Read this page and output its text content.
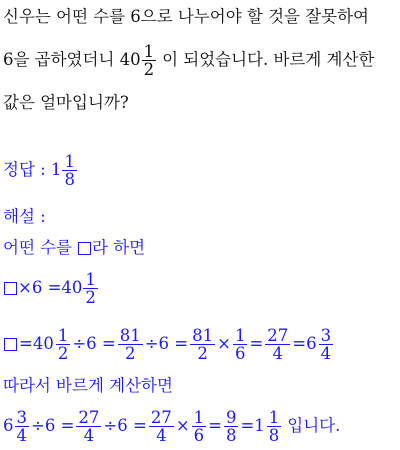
신우는 어떤 수를 6으로 나누어야 할 것을 잘못하여
6을 곱하였더니 $40 \frac{1}{2}$ 이 되었습니다. 바르게 계산한
값은 얼마입니까?
정답 : $1 \frac{1}{8}$
해설 :
어떤 수를 라 하면
$\times 6 =40 \frac{1}{2}$
$=40 \frac{1}{2} \div 6 = \frac{81}{2} \div 6 = \frac{81}{2} \times \frac{1}{6} = \frac{27}{4} =6 \frac{3}{4}$
따라서 바르게 계산하면
$6 \frac{3}{4} \div 6 = \frac{27}{4} \div 6 = \frac{27}{4} \times \frac{1}{6} = \frac{9}{8} =1 \frac{1}{8}$ 입니다.
